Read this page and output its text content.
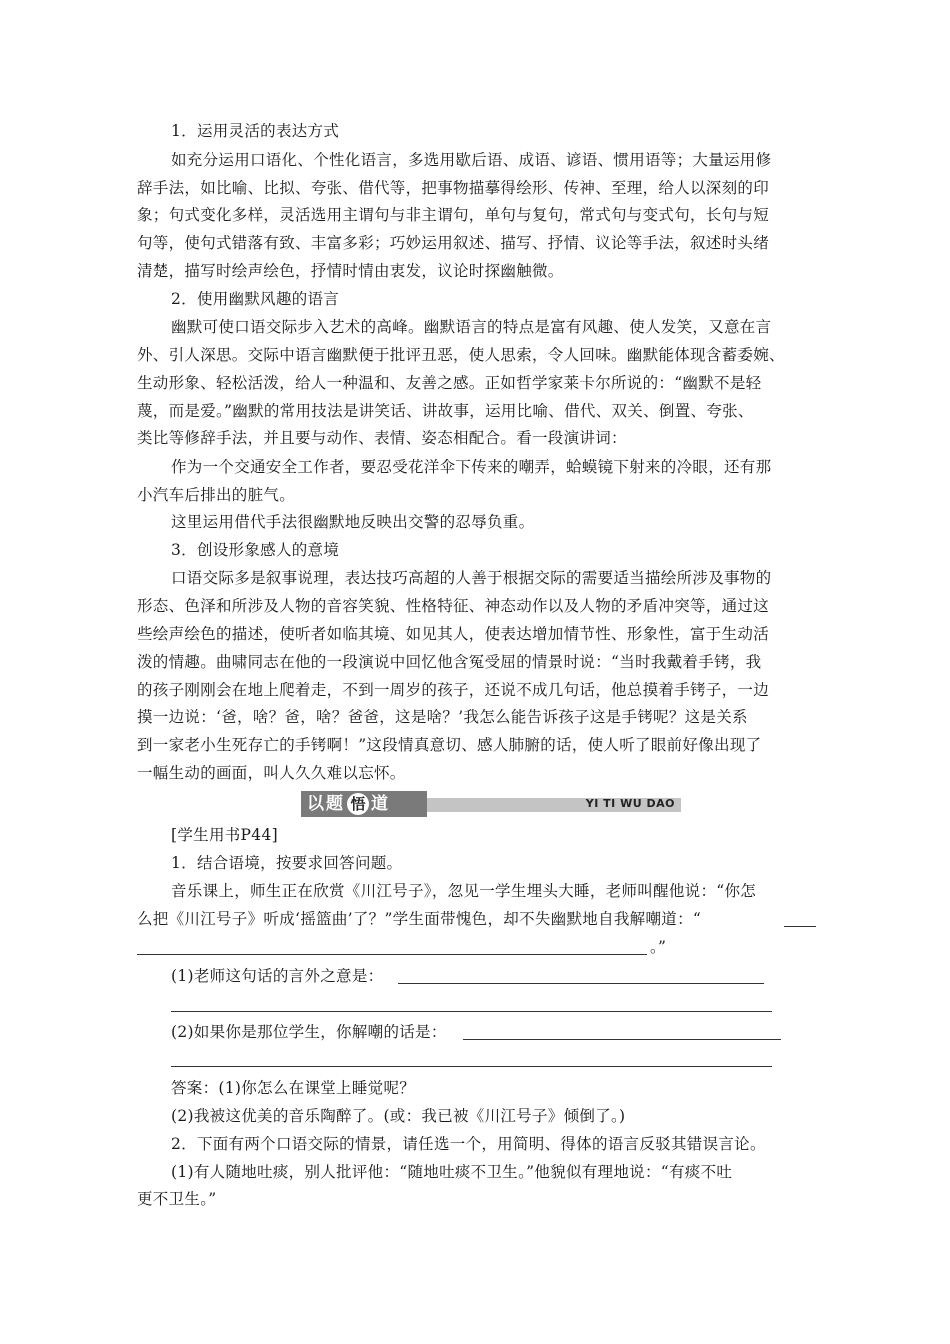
1．运用灵活的表达方式
如充分运用口语化、个性化语言，多选用歇后语、成语、谚语、惯用语等；大量运用修
辞手法，如比喻、比拟、夸张、借代等，把事物描摹得绘形、传神、至理，给人以深刻的印
象；句式变化多样，灵活选用主谓句与非主谓句，单句与复句，常式句与变式句，长句与短
句等，使句式错落有致、丰富多彩；巧妙运用叙述、描写、抒情、议论等手法，叙述时头绪
清楚，描写时绘声绘色，抒情时情由衷发，议论时探幽触微。
2．使用幽默风趣的语言
幽默可使口语交际步入艺术的高峰。幽默语言的特点是富有风趣、使人发笑，又意在言
外、引人深思。交际中语言幽默便于批评丑恶，使人思索，令人回味。幽默能体现含蓄委婉、
生动形象、轻松活泼，给人一种温和、友善之感。正如哲学家莱卡尔所说的：“幽默不是轻
蔑，而是爱。”幽默的常用技法是讲笑话、讲故事，运用比喻、借代、双关、倒置、夸张、
类比等修辞手法，并且要与动作、表情、姿态相配合。看一段演讲词：
作为一个交通安全工作者，要忍受花洋伞下传来的嘲弄，蛤蟆镜下射来的冷眼，还有那
小汽车后排出的脏气。
这里运用借代手法很幽默地反映出交警的忍辱负重。
3．创设形象感人的意境
口语交际多是叙事说理，表达技巧高超的人善于根据交际的需要适当描绘所涉及事物的
形态、色泽和所涉及人物的音容笑貌、性格特征、神态动作以及人物的矛盾冲突等，通过这
些绘声绘色的描述，使听者如临其境、如见其人，使表达增加情节性、形象性，富于生动活
泼的情趣。曲啸同志在他的一段演说中回忆他含冤受屈的情景时说：“当时我戴着手铐，我
的孩子刚刚会在地上爬着走，不到一周岁的孩子，还说不成几句话，他总摸着手铐子，一边
摸一边说：‘爸，啥？爸，啥？爸爸，这是啥？’我怎么能告诉孩子这是手铐呢？这是关系
到一家老小生死存亡的手铐啊！”这段情真意切、感人肺腑的话，使人听了眼前好像出现了
一幅生动的画面，叫人久久难以忘怀。
以题 悟 道	YI TI WU DAO
[学生用书P44]
1．结合语境，按要求回答问题。
音乐课上，师生正在欣赏《川江号子》，忽见一学生埋头大睡，老师叫醒他说：“你怎
么把《川江号子》听成‘摇篮曲’了？”学生面带愧色，却不失幽默地自我解嘲道：“
。”
(1)老师这句话的言外之意是：
(2)如果你是那位学生，你解嘲的话是：
答案：(1)你怎么在课堂上睡觉呢？
(2)我被这优美的音乐陶醉了。(或：我已被《川江号子》倾倒了。)
2．下面有两个口语交际的情景，请任选一个，用简明、得体的语言反驳其错误言论。
(1)有人随地吐痰，别人批评他：“随地吐痰不卫生。”他貌似有理地说：“有痰不吐
更不卫生。”
